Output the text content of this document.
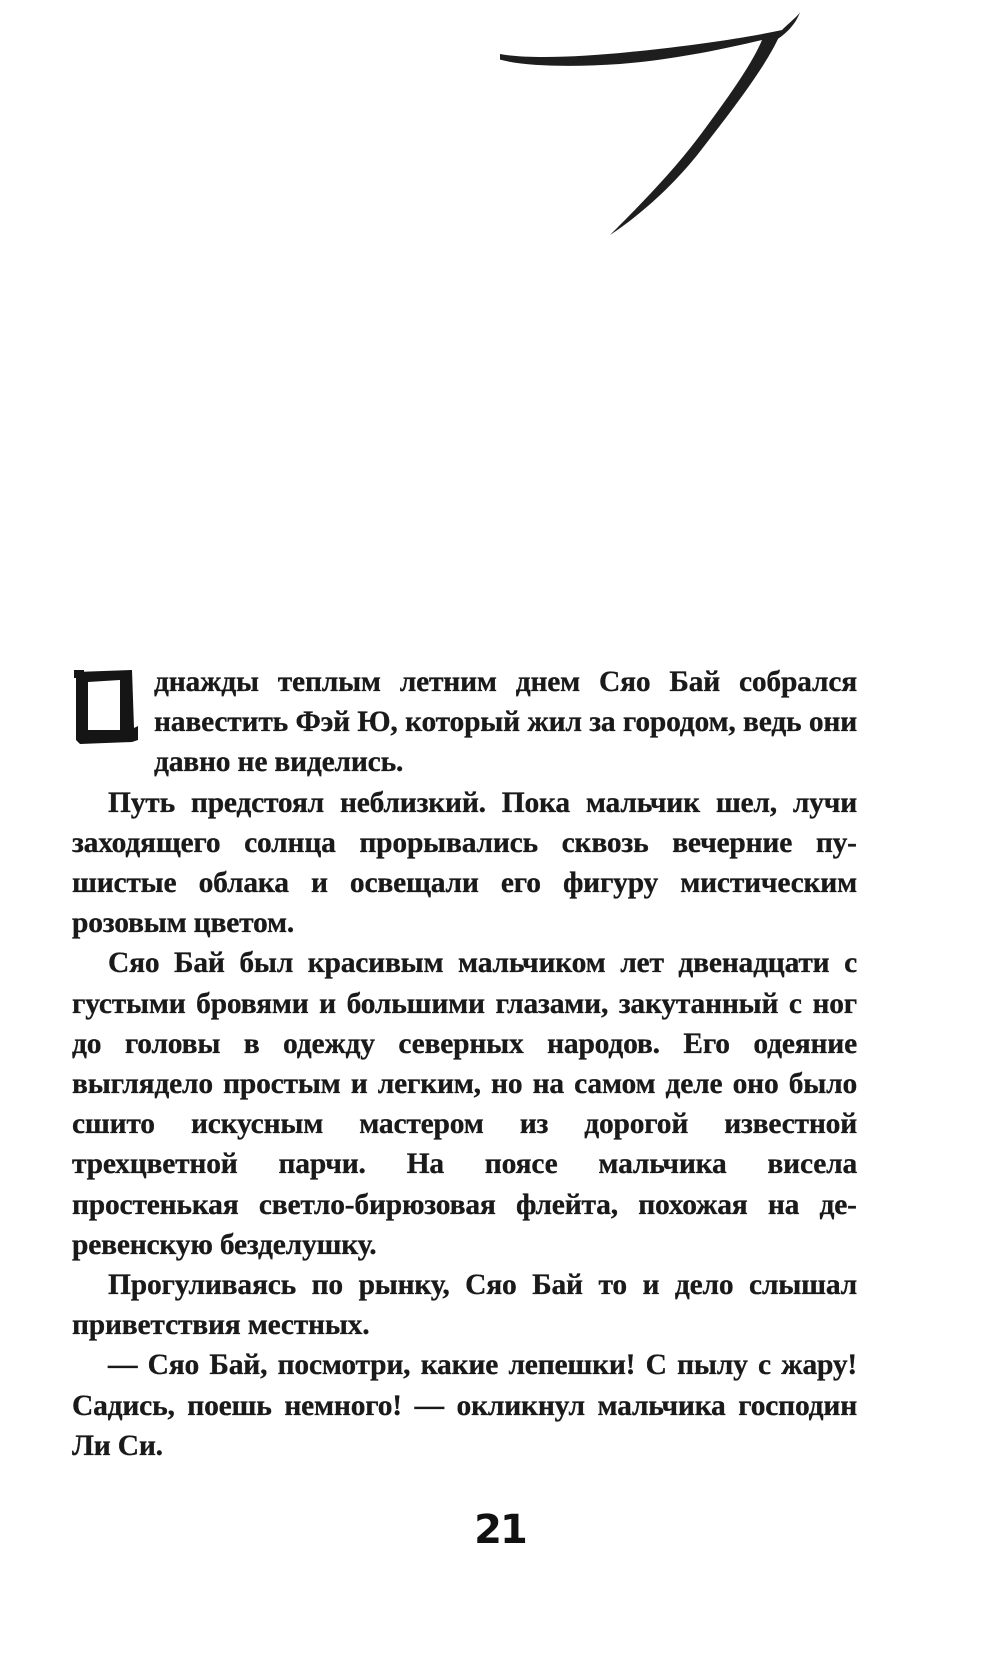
днажды теплым летним днем Сяо Бай собрался навестить Фэй Ю, который жил за городом, ведь они давно не виделись.

Путь предстоял неблизкий. Пока мальчик шел, лучи заходящего солнца прорывались сквозь вечерние пушистые облака и освещали его фигуру мистическим розовым цветом.

Сяо Бай был красивым мальчиком лет двенадцати с густыми бровями и большими глазами, закутанный с ног до головы в одежду северных народов. Его одеяние выглядело простым и легким, но на самом деле оно было сшито искусным мастером из дорогой известной трехцветной парчи. На поясе мальчика висела простенькая светло-бирюзовая флейта, похожая на деревенскую безделушку.

Прогуливаясь по рынку, Сяо Бай то и дело слышал приветствия местных.

— Сяо Бай, посмотри, какие лепешки! С пылу с жару! Садись, поешь немного! — окликнул мальчика господин Ли Си.

21
